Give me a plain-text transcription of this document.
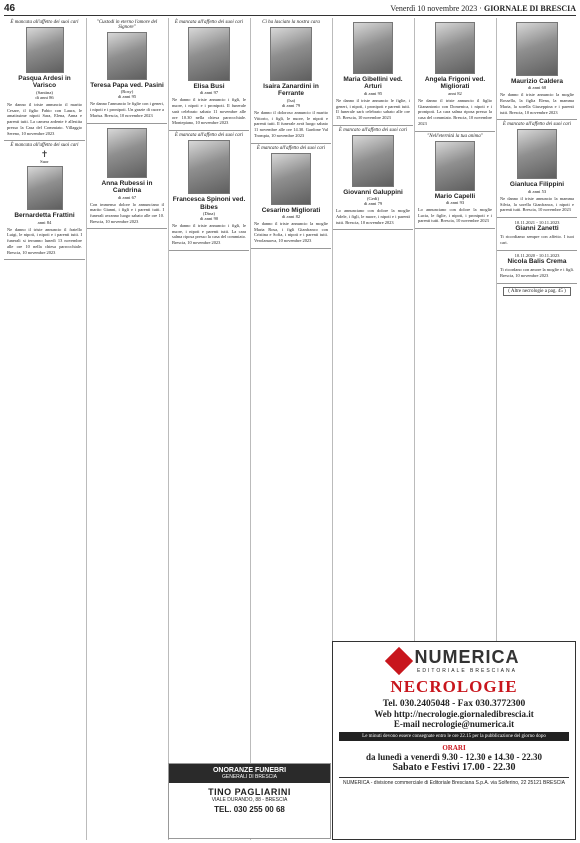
46	Venerdì 10 novembre 2023 · GIORNALE DI BRESCIA
È mancata all'affetto dei suoi cari
Pasqua Ardesi in Varisco
(Santina)
di anni 86
Ne danno il triste annuncio il marito Cesare, il figlio Fabio con Laura, le amatissime nipoti Sara, Elena, Anna e parenti tutti. La camera ardente è allestita presso la Casa del Commiato. Villaggio Sereno, 10 novembre 2023
È mancata all'affetto dei suoi cari
✝
Suor
Bernardetta Frattini
anni 84
Ne danno il triste annuncio il fratello Luigi, le nipoti, i nipoti e i parenti tutti. I funerali si terranno lunedì 13 novembre alle ore 10 nella chiesa parrocchiale. Brescia, 10 novembre 2023
"Custodi in eterno l'amore del Signore"
Teresa Papa ved. Pasini
(Rosy)
di anni 95
Ne danno l'annuncio le figlie con i generi, i nipoti e i pronipoti. Un grazie di cuore a Marisa. Brescia, 10 novembre 2023
Anna Rubessi in Candrina
di anni 67
Con immenso dolore lo annunciano il marito Gianni, i figli e i parenti tutti. I funerali avranno luogo sabato alle ore 10. Brescia, 10 novembre 2023
È mancata all'affetto dei suoi cari
Elisa Busi
di anni 97
Ne danno il triste annuncio i figli, le nuore, i nipoti e i pronipoti. Il funerale sarà celebrato sabato 11 novembre alle ore 10.30 nella chiesa parrocchiale. Montepiano, 10 novembre 2023
È mancata all'affetto dei suoi cari
Francesca Spinoni ved. Bibes
(Dina)
di anni 90
Ne danno il triste annuncio i figli, le nuore, i nipoti e parenti tutti. La cara salma riposa presso la casa del commiato. Brescia, 10 novembre 2023
Ci ha lasciato la nostra cara
Isaira Zanardini in Ferrante
(Isa)
di anni 79
Ne danno il doloroso annuncio il marito Vittorio, i figli, le nuore, le nipoti e parenti tutti. Il funerale avrà luogo sabato 11 novembre alle ore 14.30. Gardone Val Trompia, 10 novembre 2023
È mancato all'affetto dei suoi cari
Cesarino Migliorati
di anni 82
Ne danno il triste annuncio la moglie Maria Rosa, i figli Gianfranco con Cristina e Sofia, i nipoti e i parenti tutti. Verolanuova, 10 novembre 2023
Maria Gibellini ved. Arturi
di anni 95
Ne danno il triste annuncio le figlie, i generi, i nipoti, i pronipoti e parenti tutti. Il funerale sarà celebrato sabato alle ore 15. Brescia, 10 novembre 2023
È mancato all'affetto dei suoi cari
Giovanni Galuppini
(Gedi)
di anni 79
Lo annunciano con dolore la moglie Adele, i figli, le nuore, i nipoti e i parenti tutti. Brescia, 10 novembre 2023
Angela Frigoni ved. Migliorati
anni 82
Ne danno il triste annuncio il figlio Gianantonio con Domenica, i nipoti e i pronipoti. La cara salma riposa presso la casa del commiato. Brescia, 10 novembre 2023
"Nell'eternità la tua anima"
Mario Capelli
di anni 93
Lo annunciano con dolore la moglie Lucia, le figlie, i nipoti, i pronipoti e i parenti tutti. Brescia, 10 novembre 2023
Maurizio Caldera
di anni 68
Ne danno il triste annuncio la moglie Rossella, la figlia Elena, la mamma Maria, la sorella Giuseppina e i parenti tutti. Brescia, 10 novembre 2023
È mancato all'affetto dei suoi cari
Gianluca Filippini
di anni 53
Ne danno il triste annuncio la mamma Silvia, la sorella Gianfranca, i nipoti e parenti tutti. Brescia, 10 novembre 2023
10.11.2021 - 10.11.2023
Gianni Zanetti
Ti ricordiamo sempre con affetto. I tuoi cari.
10.11.2020 - 10.11.2023
Nicola Balis Crema
Ti ricordano con amore la moglie e i figli. Brescia, 10 novembre 2023
( Altre necrologie a pag. 45 )
ONORANZE FUNEBRI
GENERALI DI BRESCIA
TINO PAGLIARINI
VIALE DURANDO, 88 - BRESCIA
TEL. 030 255 00 68
NUMERICA
EDITORIALE BRESCIANA
NECROLOGIE
Tel. 030.2405048 - Fax 030.3772300
Web http://necrologie.giornaledibrescia.it
E-mail necrologie@numerica.it
Le minuti devono essere consegnate entro le ore 22.15 per la pubblicazione del giorno dopo
ORARI
da lunedì a venerdì 9.30 - 12.30 e 14.30 - 22.30
Sabato e Festivi 17.00 - 22.30
NUMERICA - divisione commerciale di Editoriale Bresciana S.p.A. via Solferino, 22 25121 BRESCIA
